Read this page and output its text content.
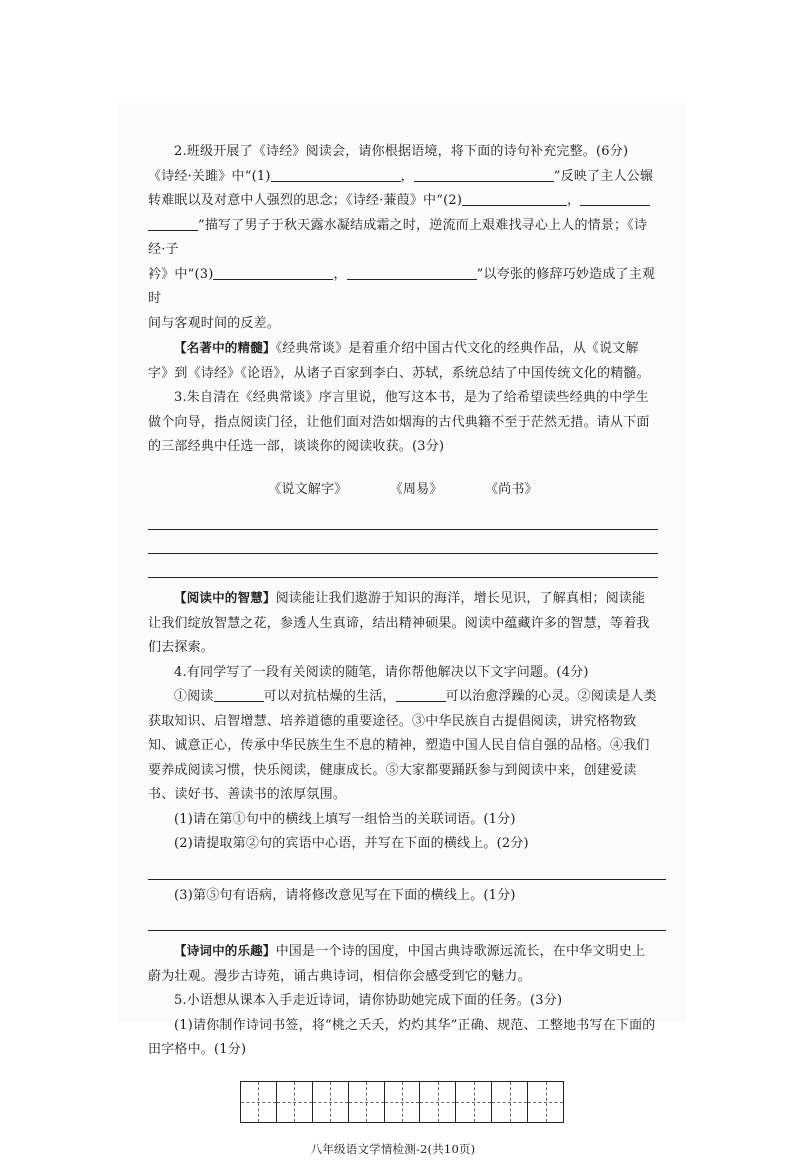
2.班级开展了《诗经》阅读会，请你根据语境，将下面的诗句补充完整。(6分)

《诗经·关雎》中“(1)	，	”反映了主人公辗

转难眠以及对意中人强烈的思念；《诗经·蒹葭》中“(2)	，

”描写了男子于秋天露水凝结成霜之时，逆流而上艰难找寻心上人的情景；《诗经·子

衿》中“(3)	，	”以夸张的修辞巧妙造成了主观时

间与客观时间的反差。

【名著中的精髓】《经典常谈》是着重介绍中国古代文化的经典作品，从《说文解字》到《诗经》《论语》，从诸子百家到李白、苏轼，系统总结了中国传统文化的精髓。

3.朱自清在《经典常谈》序言里说，他写这本书，是为了给希望读些经典的中学生做个向导，指点阅读门径，让他们面对浩如烟海的古代典籍不至于茫然无措。请从下面的三部经典中任选一部，谈谈你的阅读收获。(3分)

《说文解字》	《周易》	《尚书》

【阅读中的智慧】阅读能让我们遨游于知识的海洋，增长见识，了解真相；阅读能让我们绽放智慧之花，参透人生真谛，结出精神硕果。阅读中蕴藏许多的智慧，等着我们去探索。

4.有同学写了一段有关阅读的随笔，请你帮他解决以下文字问题。(4分)

①阅读	可以对抗枯燥的生活，	可以治愈浮躁的心灵。②阅读是人类获取知识、启智增慧、培养道德的重要途径。③中华民族自古提倡阅读，讲究格物致知、诚意正心，传承中华民族生生不息的精神，塑造中国人民自信自强的品格。④我们要养成阅读习惯，快乐阅读，健康成长。⑤大家都要踊跃参与到阅读中来，创建爱读书、读好书、善读书的浓厚氛围。

(1)请在第①句中的横线上填写一组恰当的关联词语。(1分)

(2)请提取第②句的宾语中心语，并写在下面的横线上。(2分)

(3)第⑤句有语病，请将修改意见写在下面的横线上。(1分)

【诗词中的乐趣】中国是一个诗的国度，中国古典诗歌源远流长，在中华文明史上蔚为壮观。漫步古诗苑，诵古典诗词，相信你会感受到它的魅力。

5.小语想从课本入手走近诗词，请你协助她完成下面的任务。(3分)

(1)请你制作诗词书签，将“桃之夭夭，灼灼其华”正确、规范、工整地书写在下面的田字格中。(1分)

八年级语文学情检测-2(共10页)
